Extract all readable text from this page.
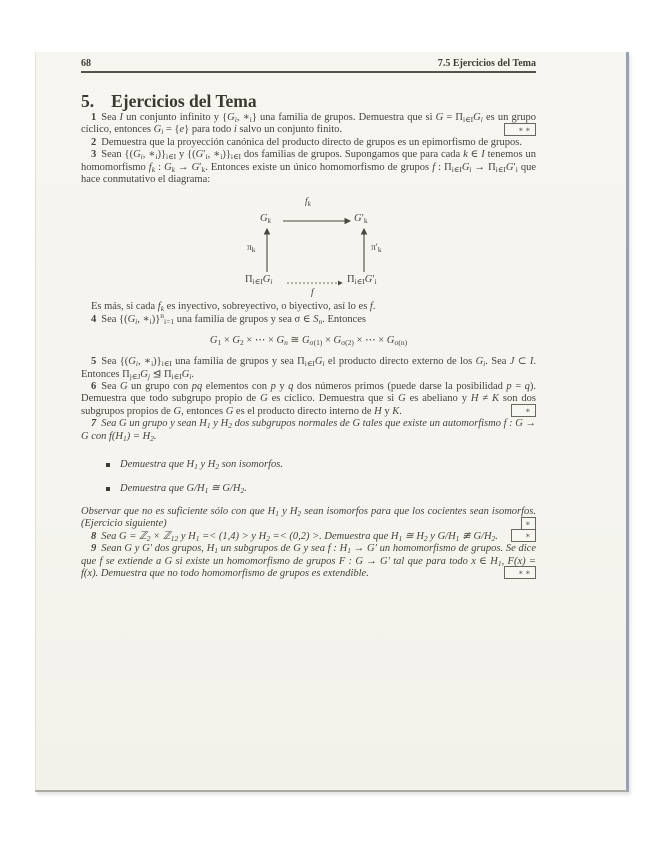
68	7.5 Ejercicios del Tema
5. Ejercicios del Tema

1 Sea I un conjunto infinito y {$G_i$, $∗_i$} una familia de grupos. Demuestra que si $G = \Pi_{i\in I}G_i$ es un grupo cíclico, entonces $G_i = \{e\}$ para todo i salvo un conjunto finito.	∗∗

2 Demuestra que la proyección canónica del producto directo de grupos es un epimorfismo de grupos.

3 Sean {($G_i$, $∗_i)\}_{i\in I}$ y {($G'_i$, $∗_i)\}_{i\in I}$ dos familias de grupos. Supongamos que para cada k ∈ I tenemos un homomorfismo $f_k$ : $G_k \to G'_k$. Entonces existe un único homomorfismo de grupos f : $\Pi_{i\in I}G_i \to \Pi_{i\in I}G'_i$ que hace conmutativo el diagrama:

$f_k$
$G_k$	$G'_k$
$\pi_k$	$\pi'_k$
$\Pi_{i\in I}G_i$	$\Pi_{i\in I}G'_i$
f

Es más, si cada $f_k$ es inyectivo, sobreyectivo, o biyectivo, así lo es f.

4 Sea {($G_i$, $∗_i)\}^n_{i=1}$ una familia de grupos y sea σ ∈ $S_n$. Entonces

$G_1 \times G_2$ × ⋯ × $G_n$ ≅ $G_{\sigma(1)} \times G_{\sigma(2)}$ × ⋯ × $G_{\sigma(n)}$

5 Sea {($G_i$, $∗_i)\}_{i\in I}$ una familia de grupos y sea $\Pi_{i\in I}G_i$ el producto directo externo de los $G_i$. Sea J ⊂ I. Entonces $\Pi_{j\in J}G_j$ ⊴ $\Pi_{i\in I}G_i$.

6 Sea G un grupo con pq elementos con p y q dos números primos (puede darse la posibilidad p = q). Demuestra que todo subgrupo propio de G es cíclico. Demuestra que si G es abeliano y H ≠ K son dos subgrupos propios de G, entonces G es el producto directo interno de H y K.	∗

7 Sea G un grupo y sean $H_1$ y $H_2$ dos subgrupos normales de G tales que existe un automorfismo f : G → G con $f(H_1) = H_2$.

Demuestra que $H_1$ y $H_2$ son isomorfos.
Demuestra que $G/H_1$ ≅ $G/H_2$.

Observar que no es suficiente sólo con que $H_1$ y $H_2$ sean isomorfos para que los cocientes sean isomorfos. (Ejercicio siguiente)	∗

8 Sea G = ℤ$_2$ × ℤ$_{12}$ y $H_1 =< (1,4) > y$ $H_2 =< (0,2)$ >. Demuestra que $H_1$ ≅ $H_2$ y $G/H_1$ ≇ $G/H_2$.	∗

9 Sean G y G′ dos grupos, $H_1$ un subgrupos de G y sea f : $H_1 \to G'$ un homomorfismo de grupos. Se dice que f se extiende a G si existe un homomorfismo de grupos F : G → G′ tal que para todo x ∈ $H_1$, F(x) = f(x). Demuestra que no todo homomorfismo de grupos es extendible.	∗∗
